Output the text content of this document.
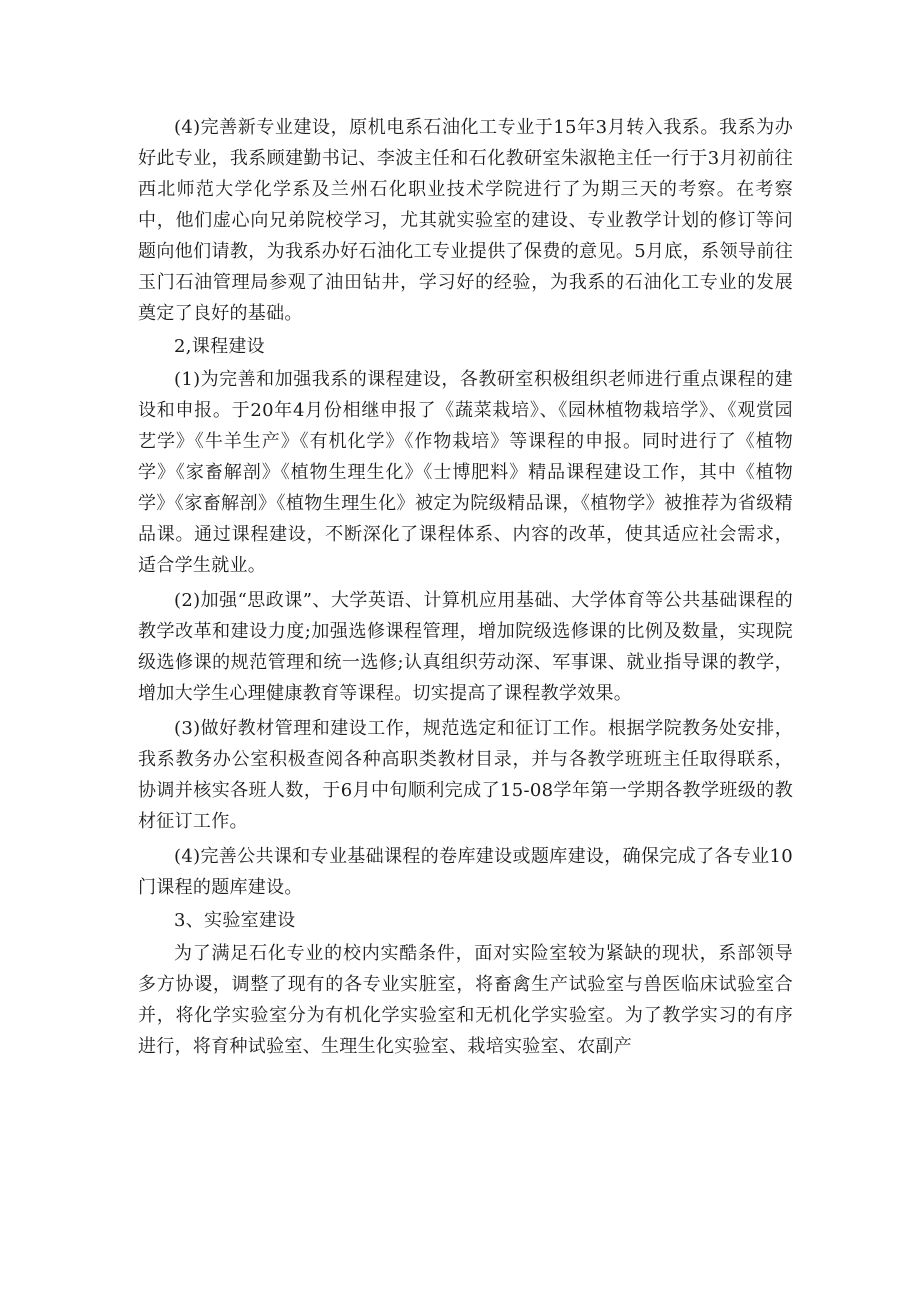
(4)完善新专业建设，原机电系石油化工专业于15年3月转入我系。我系为办好此专业，我系顾建勤书记、李波主任和石化教研室朱淑艳主任一行于3月初前往西北师范大学化学系及兰州石化职业技术学院进行了为期三天的考察。在考察中，他们虚心向兄弟院校学习，尤其就实验室的建设、专业教学计划的修订等问题向他们请教，为我系办好石油化工专业提供了保费的意见。5月底，系领导前往玉门石油管理局参观了油田钻井，学习好的经验，为我系的石油化工专业的发展奠定了良好的基础。

2,课程建设

(1)为完善和加强我系的课程建设，各教研室积极组织老师进行重点课程的建设和申报。于20年4月份相继申报了《蔬菜栽培》、《园林植物栽培学》、《观赏园艺学》《牛羊生产》《有机化学》《作物栽培》等课程的申报。同时进行了《植物学》《家畜解剖》《植物生理生化》《士博肥料》精品课程建设工作，其中《植物学》《家畜解剖》《植物生理生化》被定为院级精品课，《植物学》被推荐为省级精品课。通过课程建设，不断深化了课程体系、内容的改革，使其适应社会需求，适合学生就业。

(2)加强“思政课”、大学英语、计算机应用基础、大学体育等公共基础课程的教学改革和建设力度;加强选修课程管理，增加院级选修课的比例及数量，实现院级选修课的规范管理和统一选修;认真组织劳动深、军事课、就业指导课的教学，增加大学生心理健康教育等课程。切实提高了课程教学效果。

(3)做好教材管理和建设工作，规范选定和征订工作。根据学院教务处安排，我系教务办公室积极查阅各种高职类教材目录，并与各教学班班主任取得联系，协调并核实各班人数，于6月中旬顺利完成了15-08学年第一学期各教学班级的教材征订工作。

(4)完善公共课和专业基础课程的卷库建设或题库建设，确保完成了各专业10门课程的题库建设。

3、实验室建设

为了满足石化专业的校内实酷条件，面对实险室较为紧缺的现状，系部领导多方协谡，调整了现有的各专业实脏室，将畜禽生产试验室与兽医临床试验室合并，将化学实验室分为有机化学实验室和无机化学实验室。为了教学实习的有序进行，将育种试验室、生理生化实验室、栽培实验室、农副产
